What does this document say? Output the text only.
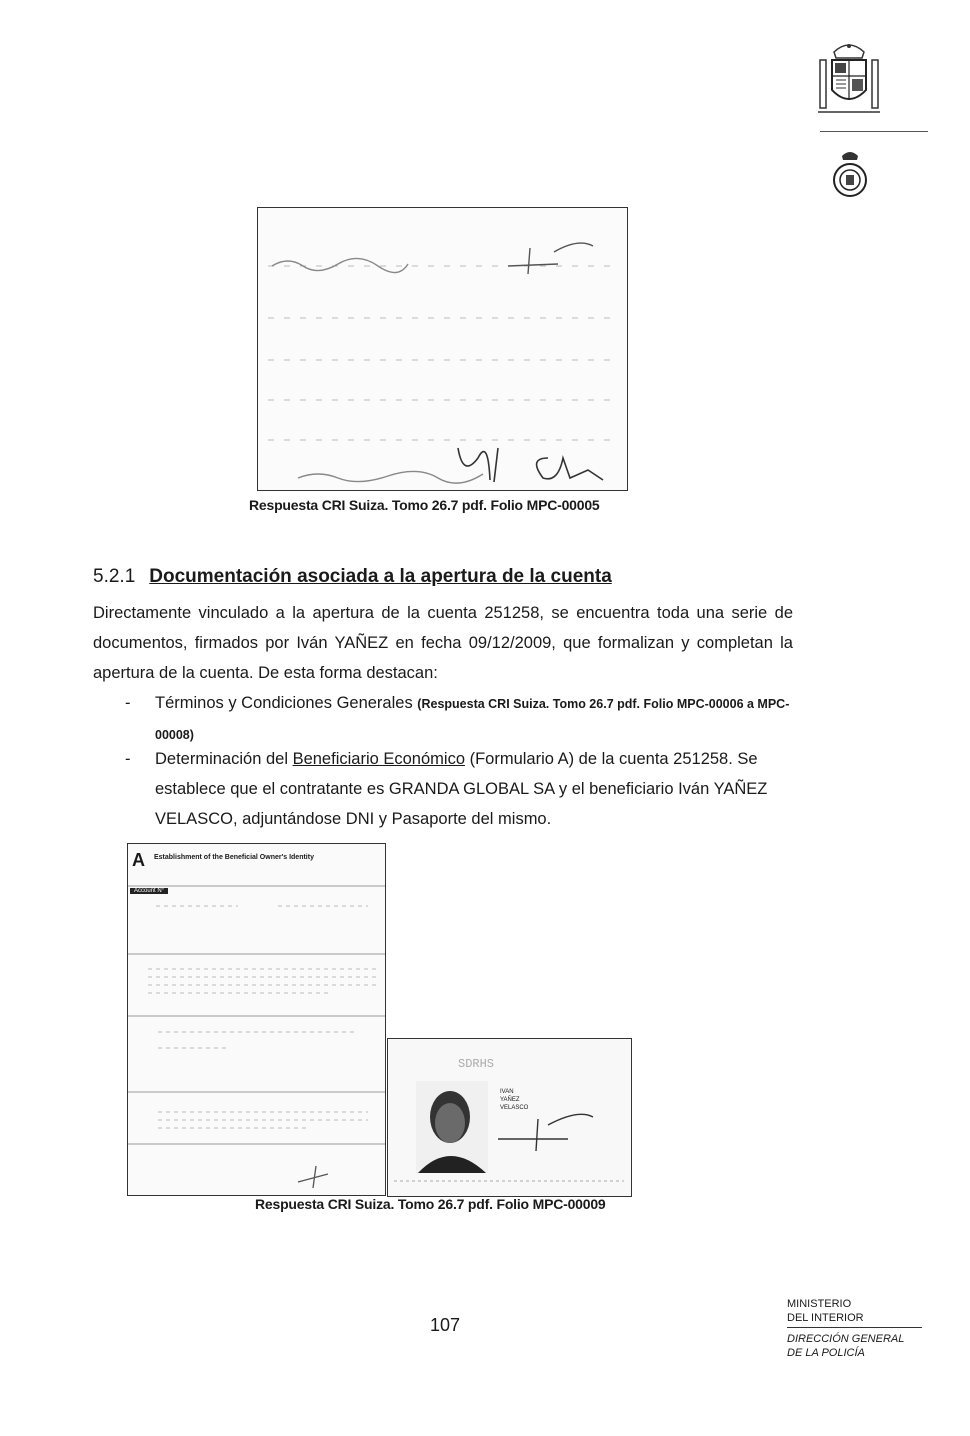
Respuesta CRI Suiza. Tomo 26.7 pdf. Folio MPC-00005
5.2.1 Documentación asociada a la apertura de la cuenta
Directamente vinculado a la apertura de la cuenta 251258, se encuentra toda una serie de documentos, firmados por Iván YAÑEZ en fecha 09/12/2009, que formalizan y completan la apertura de la cuenta. De esta forma destacan:
- Términos y Condiciones Generales (Respuesta CRI Suiza. Tomo 26.7 pdf. Folio MPC-00006 a MPC-00008)
- Determinación del Beneficiario Económico (Formulario A) de la cuenta 251258. Se establece que el contratante es GRANDA GLOBAL SA y el beneficiario Iván YAÑEZ VELASCO, adjuntándose DNI y Pasaporte del mismo.
A Establishment of the Beneficial Owner's Identity
Account N°
SDRHS
IVAN
YAÑEZ
VELASCO
Respuesta CRI Suiza. Tomo 26.7 pdf. Folio MPC-00009
107
MINISTERIO
DEL INTERIOR
DIRECCIÓN GENERAL
DE LA POLICÍA
